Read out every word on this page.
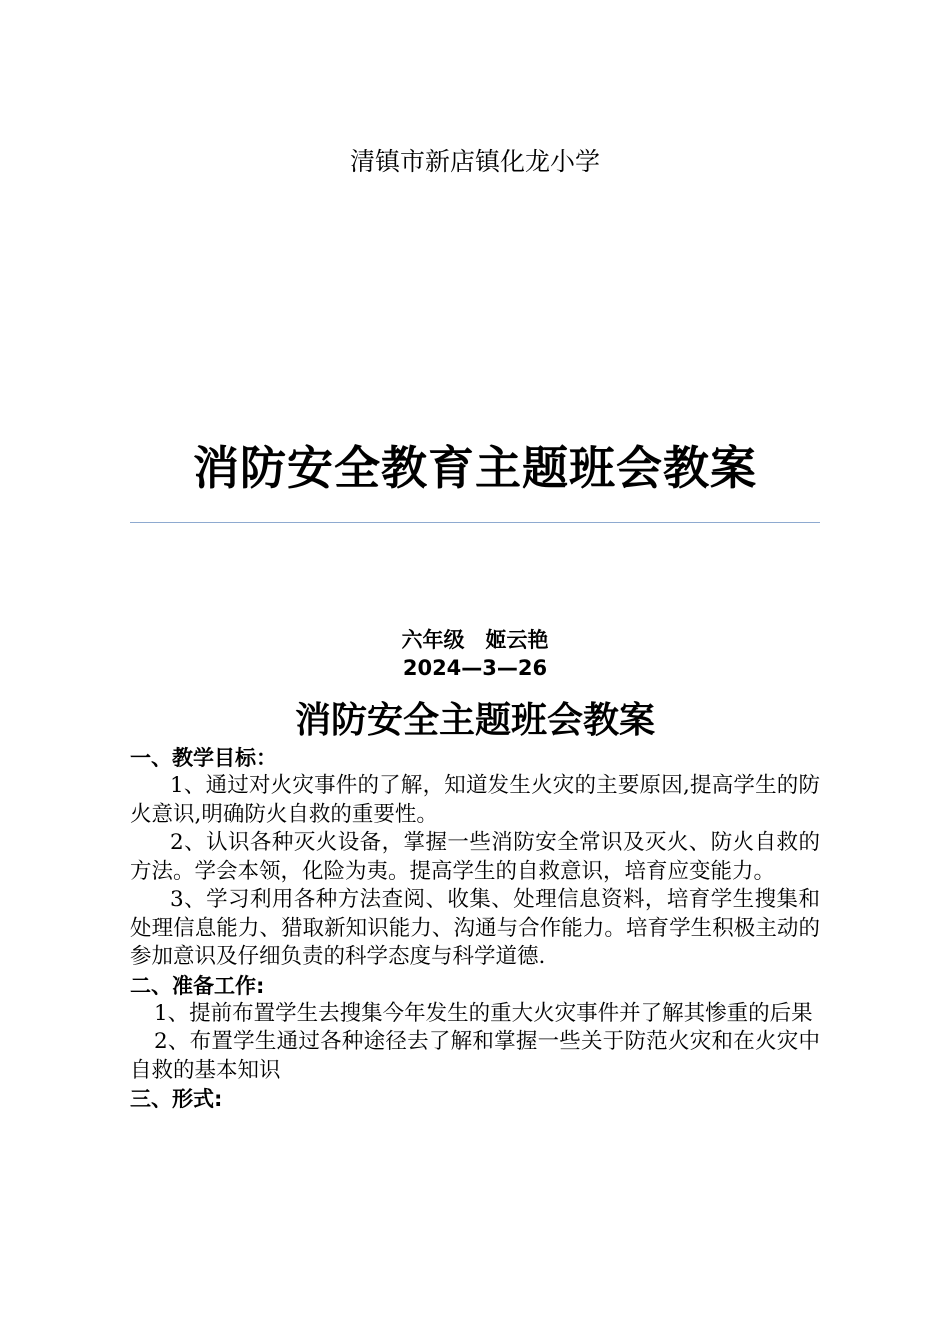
清镇市新店镇化龙小学
消防安全教育主题班会教案
六年级　姬云艳
2024—3—26
消防安全主题班会教案

一、教学目标：

1、通过对火灾事件的了解，知道发生火灾的主要原因,提高学生的防火意识,明确防火自救的重要性。

2、认识各种灭火设备，掌握一些消防安全常识及灭火、防火自救的方法。学会本领，化险为夷。提高学生的自救意识，培育应变能力。

3、学习利用各种方法查阅、收集、处理信息资料，培育学生搜集和处理信息能力、猎取新知识能力、沟通与合作能力。培育学生积极主动的参加意识及仔细负责的科学态度与科学道德.

二、准备工作:

1、提前布置学生去搜集今年发生的重大火灾事件并了解其惨重的后果

2、布置学生通过各种途径去了解和掌握一些关于防范火灾和在火灾中自救的基本知识

三、形式:
